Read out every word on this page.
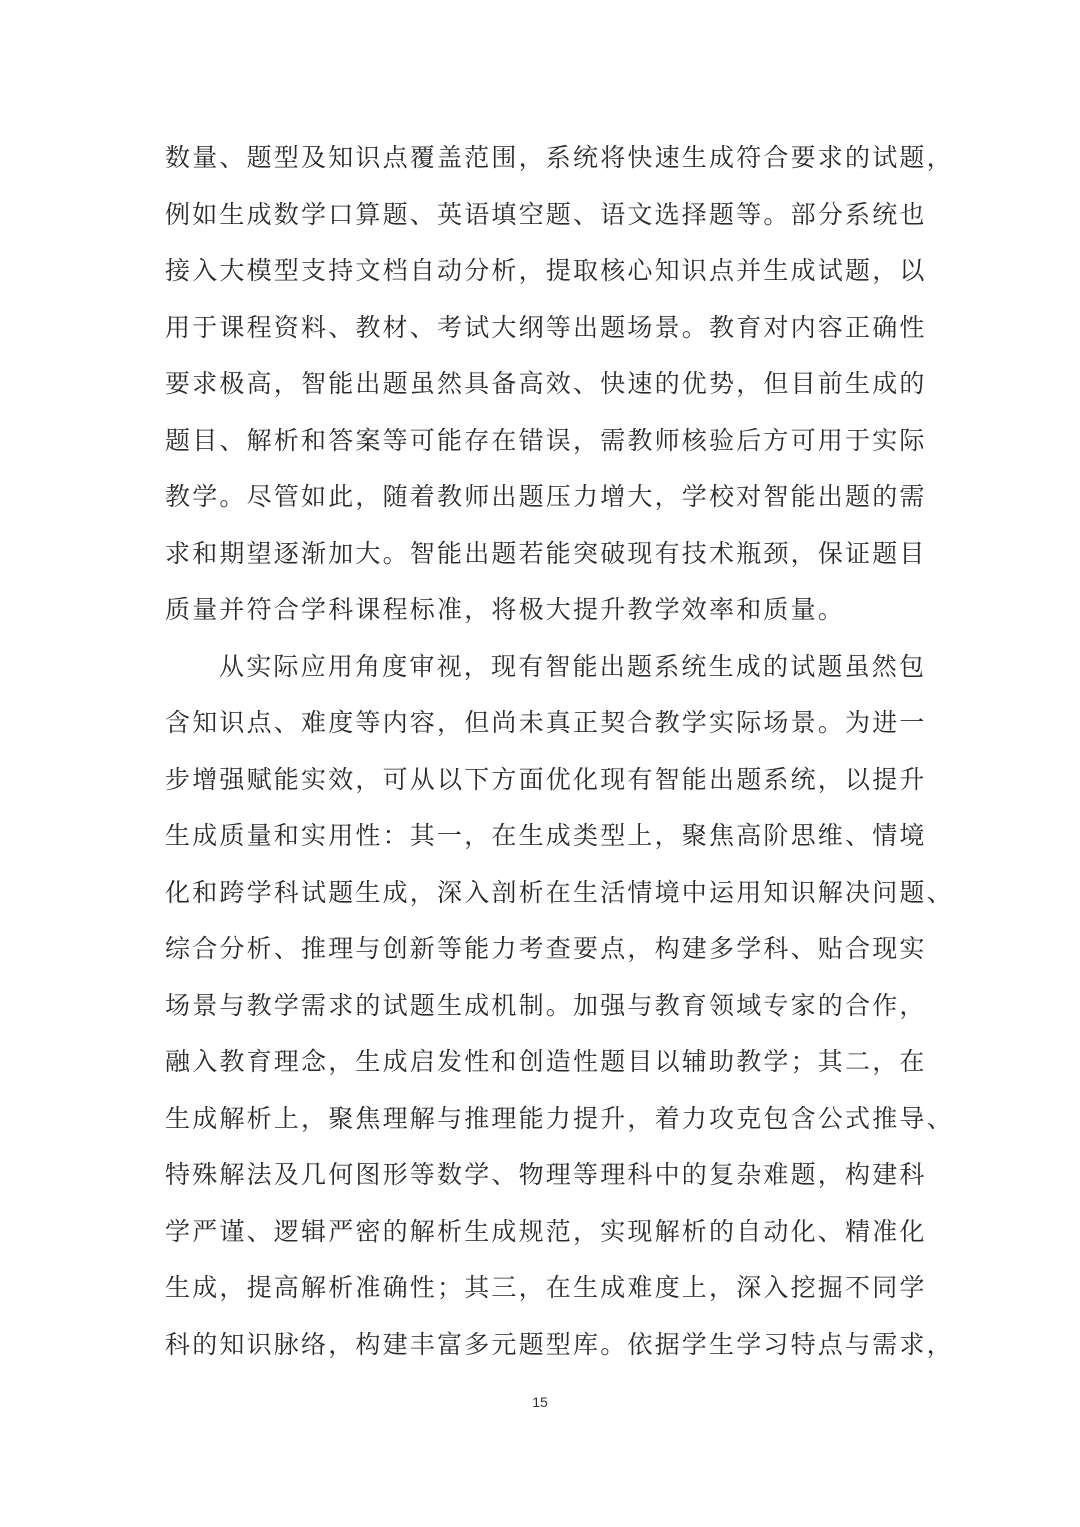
数量、题型及知识点覆盖范围，系统将快速生成符合要求的试题，
例如生成数学口算题、英语填空题、语文选择题等。部分系统也
接入大模型支持文档自动分析，提取核心知识点并生成试题，以
用于课程资料、教材、考试大纲等出题场景。教育对内容正确性
要求极高，智能出题虽然具备高效、快速的优势，但目前生成的
题目、解析和答案等可能存在错误，需教师核验后方可用于实际
教学。尽管如此，随着教师出题压力增大，学校对智能出题的需
求和期望逐渐加大。智能出题若能突破现有技术瓶颈，保证题目
质量并符合学科课程标准，将极大提升教学效率和质量。
从实际应用角度审视，现有智能出题系统生成的试题虽然包
含知识点、难度等内容，但尚未真正契合教学实际场景。为进一
步增强赋能实效，可从以下方面优化现有智能出题系统，以提升
生成质量和实用性：其一，在生成类型上，聚焦高阶思维、情境
化和跨学科试题生成，深入剖析在生活情境中运用知识解决问题、
综合分析、推理与创新等能力考查要点，构建多学科、贴合现实
场景与教学需求的试题生成机制。加强与教育领域专家的合作，
融入教育理念，生成启发性和创造性题目以辅助教学；其二，在
生成解析上，聚焦理解与推理能力提升，着力攻克包含公式推导、
特殊解法及几何图形等数学、物理等理科中的复杂难题，构建科
学严谨、逻辑严密的解析生成规范，实现解析的自动化、精准化
生成，提高解析准确性；其三，在生成难度上，深入挖掘不同学
科的知识脉络，构建丰富多元题型库。依据学生学习特点与需求，
15
